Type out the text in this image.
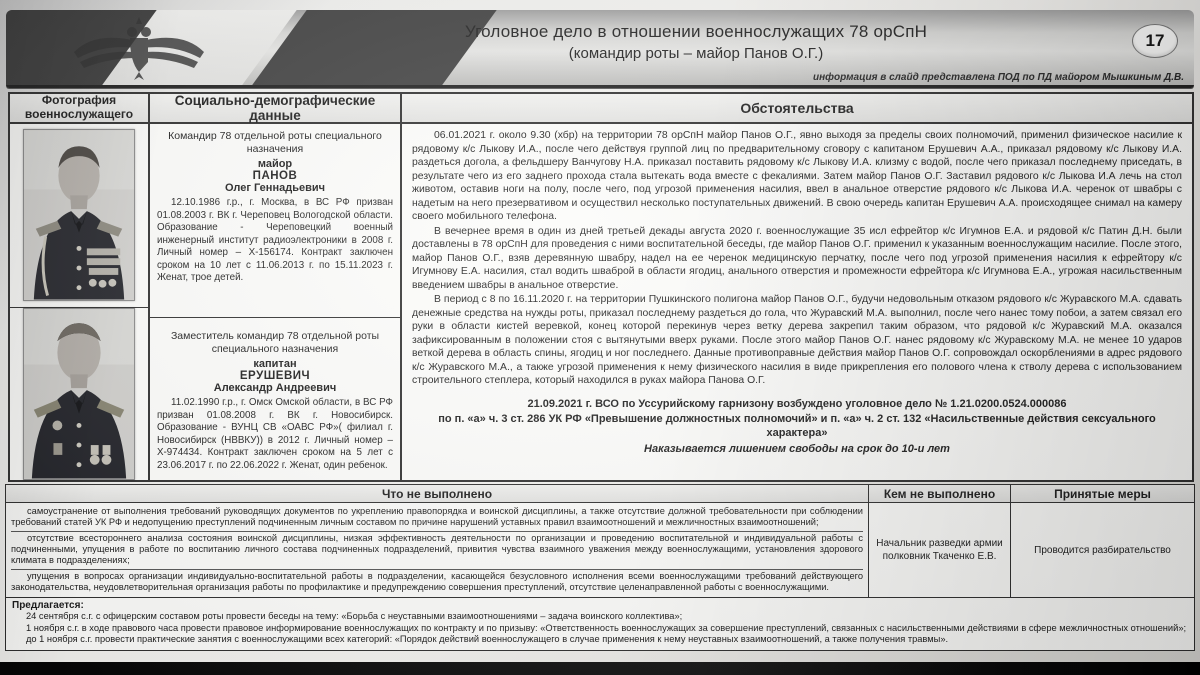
Уголовное дело в отношении военнослужащих 78 орСпН
(командир роты – майор Панов О.Г.)
17
информация в слайд представлена ПОД по ПД майором Мышкиным Д.В.
Фотография военнослужащего
Социально-демографические данные
Командир 78 отдельной роты специального назначения
майор
ПАНОВ
Олег Геннадьевич
12.10.1986 г.р., г. Москва, в ВС РФ призван 01.08.2003 г. ВК г. Череповец Вологодской области. Образование - Череповецкий военный инженерный институт радиоэлектроники в 2008 г. Личный номер – Х-156174. Контракт заключен сроком на 10 лет с 11.06.2013 г. по 15.11.2023 г. Женат, трое детей.
Заместитель командир 78 отдельной роты специального назначения
капитан
ЕРУШЕВИЧ
Александр Андреевич
11.02.1990 г.р., г. Омск Омской области, в ВС РФ призван 01.08.2008 г. ВК г. Новосибирск. Образование - ВУНЦ СВ «ОАВС РФ»( филиал г. Новосибирск (НВВКУ)) в 2012 г. Личный номер – Х-974434. Контракт заключен сроком на 5 лет с 23.06.2017 г. по 22.06.2022 г. Женат, один ребенок.
Обстоятельства

06.01.2021 г. около 9.30 (хбр) на территории 78 орСпН майор Панов О.Г., явно выходя за пределы своих полномочий, применил физическое насилие к рядовому к/с Лыкову И.А., после чего действуя группой лиц по предварительному сговору с капитаном Ерушевич А.А., приказал рядовому к/с Лыкову И.А. раздеться догола, а фельдшеру Ванчугову Н.А. приказал поставить рядовому к/с Лыкову И.А. клизму с водой, после чего приказал последнему приседать, в результате чего из его заднего прохода стала вытекать вода вместе с фекалиями. Затем майор Панов О.Г. Заставил рядового к/с Лыкова И.А лечь на стол животом, оставив ноги на полу, после чего, под угрозой применения насилия, ввел в анальное отверстие рядового к/с Лыкова И.А. черенок от швабры с надетым на него презервативом и осуществил несколько поступательных движений. В свою очередь капитан Ерушевич А.А. происходящее снимал на камеру своего мобильного телефона.

В вечернее время в один из дней третьей декады августа 2020 г. военнослужащие 35 исл ефрейтор к/с Игумнов Е.А. и рядовой к/с Патин Д.Н. были доставлены в 78 орСпН для проведения с ними воспитательной беседы, где майор Панов О.Г. применил к указанным военнослужащим насилие. После этого, майор Панов О.Г., взяв деревянную швабру, надел на ее черенок медицинскую перчатку, после чего под угрозой применения насилия к ефрейтору к/с Игумнову Е.А. насилия, стал водить шваброй в области ягодиц, анального отверстия и промежности ефрейтора к/с Игумнова Е.А., угрожая насильственным введением швабры в анальное отверстие.

В период с 8 по 16.11.2020 г. на территории Пушкинского полигона майор Панов О.Г., будучи недовольным отказом рядового к/с Журавского М.А. сдавать денежные средства на нужды роты, приказал последнему раздеться до гола, что Журавский М.А. выполнил, после чего нанес тому побои, а затем связал его руки в области кистей веревкой, конец которой перекинув через ветку дерева закрепил таким образом, что рядовой к/с Журавский М.А. оказался зафиксированным в положении стоя с вытянутыми вверх руками. После этого майор Панов О.Г. нанес рядовому к/с Журавскому М.А. не менее 10 ударов веткой дерева в область спины, ягодиц и ног последнего. Данные противоправные действия майор Панов О.Г. сопровождал оскорблениями в адрес рядового к/с Журавского М.А., а также угрозой применения к нему физического насилия в виде прикрепления его полового члена к стволу дерева с использованием строительного степлера, который находился в руках майора Панова О.Г.

21.09.2021 г. ВСО по Уссурийскому гарнизону возбуждено уголовное дело № 1.21.0200.0524.000086
по п. «а» ч. 3 ст. 286 УК РФ «Превышение должностных полномочий» и п. «а» ч. 2 ст. 132 «Насильственные действия сексуального характера»
Наказывается лишением свободы на срок до 10-и лет
Что не выполнено

самоустранение от выполнения требований руководящих документов по укреплению правопорядка и воинской дисциплины, а также отсутствие должной требовательности при соблюдении требований статей УК РФ и недопущению преступлений подчиненным личным составом по причине нарушений уставных правил взаимоотношений и межличностных взаимоотношений;

отсутствие всестороннего анализа состояния воинской дисциплины, низкая эффективность деятельности по организации и проведению воспитательной и индивидуальной работы с подчиненными, упущения в работе по воспитанию личного состава подчиненных подразделений, привития чувства взаимного уважения между военнослужащими, установления здорового климата в подразделениях;

упущения в вопросах организации индивидуально-воспитательной работы в подразделении, касающейся безусловного исполнения всеми военнослужащими требований действующего законодательства, неудовлетворительная организация работы по профилактике и предупреждению совершения преступлений, отсутствие целенаправленной работы с военнослужащими.

Кем не выполнено
Начальник разведки армии полковник Ткаченко Е.В.
Принятые меры
Проводится разбирательство
Предлагается:

24 сентября с.г. с офицерским составом роты провести беседы на тему: «Борьба с неуставными взаимоотношениями – задача воинского коллектива»;

1 ноября с.г. в ходе правового часа провести правовое информирование военнослужащих по контракту и по призыву: «Ответственность военнослужащих за совершение преступлений, связанных с насильственными действиями в сфере межличностных отношений»;

до 1 ноября с.г. провести практические занятия с военнослужащими всех категорий: «Порядок действий военнослужащего в случае применения к нему неуставных взаимоотношений, а также получения травмы».
